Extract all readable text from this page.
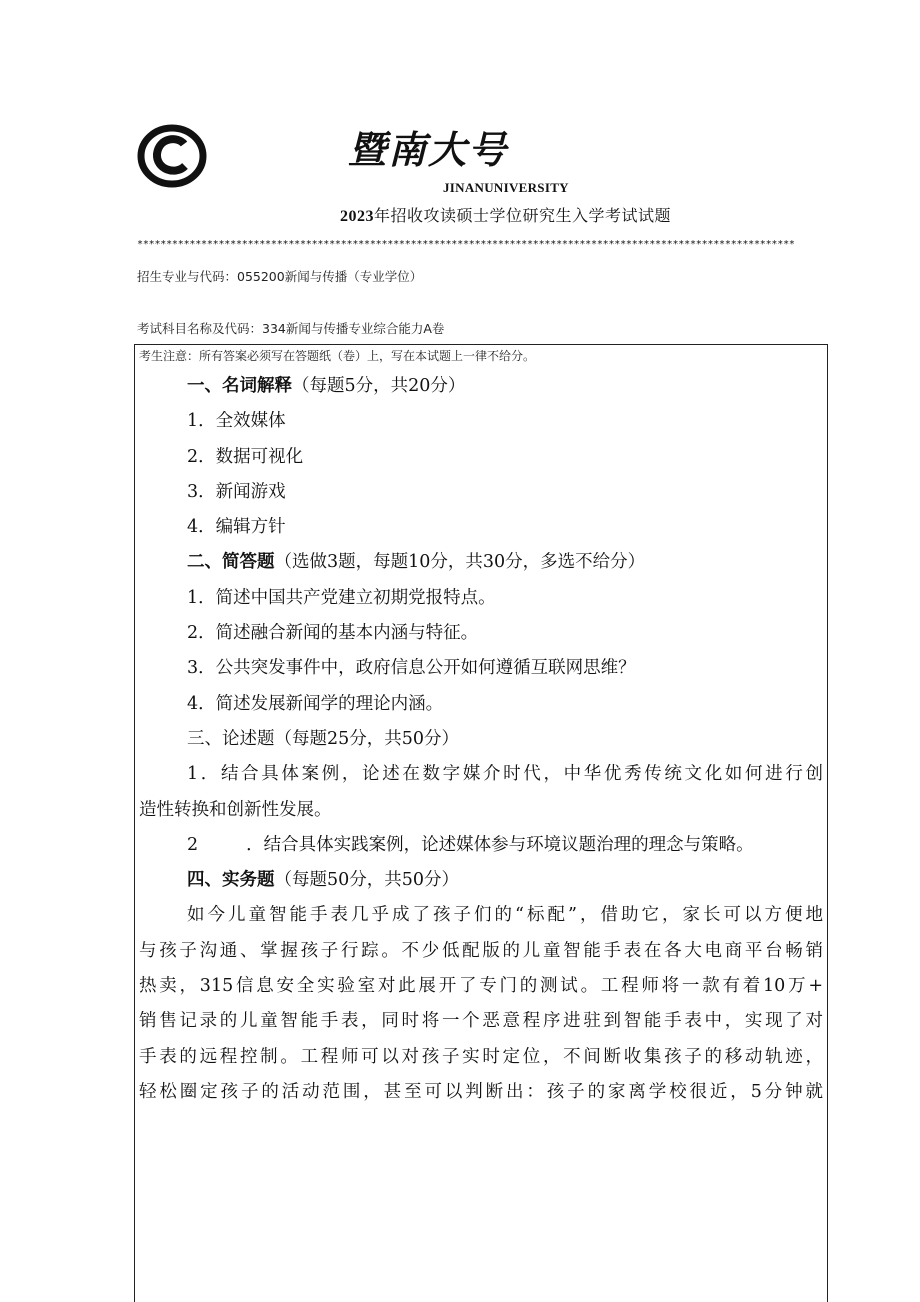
暨南大号
JINANUNIVERSITY
2023年招收攻读硕士学位研究生入学考试试题
*****************************************************************************************************************
招生专业与代码：055200新闻与传播（专业学位）
考试科目名称及代码：334新闻与传播专业综合能力A卷
考生注意：所有答案必须写在答题纸（卷）上，写在本试题上一律不给分。
一、名词解释（每题5分，共20分）
1．全效媒体
2．数据可视化
3．新闻游戏
4．编辑方针
二、简答题（选做3题，每题10分，共30分，多选不给分）
1．简述中国共产党建立初期党报特点。
2．简述融合新闻的基本内涵与特征。
3．公共突发事件中，政府信息公开如何遵循互联网思维？
4．简述发展新闻学的理论内涵。
三、论述题（每题25分，共50分）
1．结合具体案例，论述在数字媒介时代，中华优秀传统文化如何进行创
造性转换和创新性发展。
2	．结合具体实践案例，论述媒体参与环境议题治理的理念与策略。
四、实务题（每题50分，共50分）
如今儿童智能手表几乎成了孩子们的“标配”，借助它，家长可以方便地
与孩子沟通、掌握孩子行踪。不少低配版的儿童智能手表在各大电商平台畅销
热卖，315信息安全实验室对此展开了专门的测试。工程师将一款有着10万+
销售记录的儿童智能手表，同时将一个恶意程序进驻到智能手表中，实现了对
手表的远程控制。工程师可以对孩子实时定位，不间断收集孩子的移动轨迹，
轻松圈定孩子的活动范围，甚至可以判断出：孩子的家离学校很近，5分钟就
